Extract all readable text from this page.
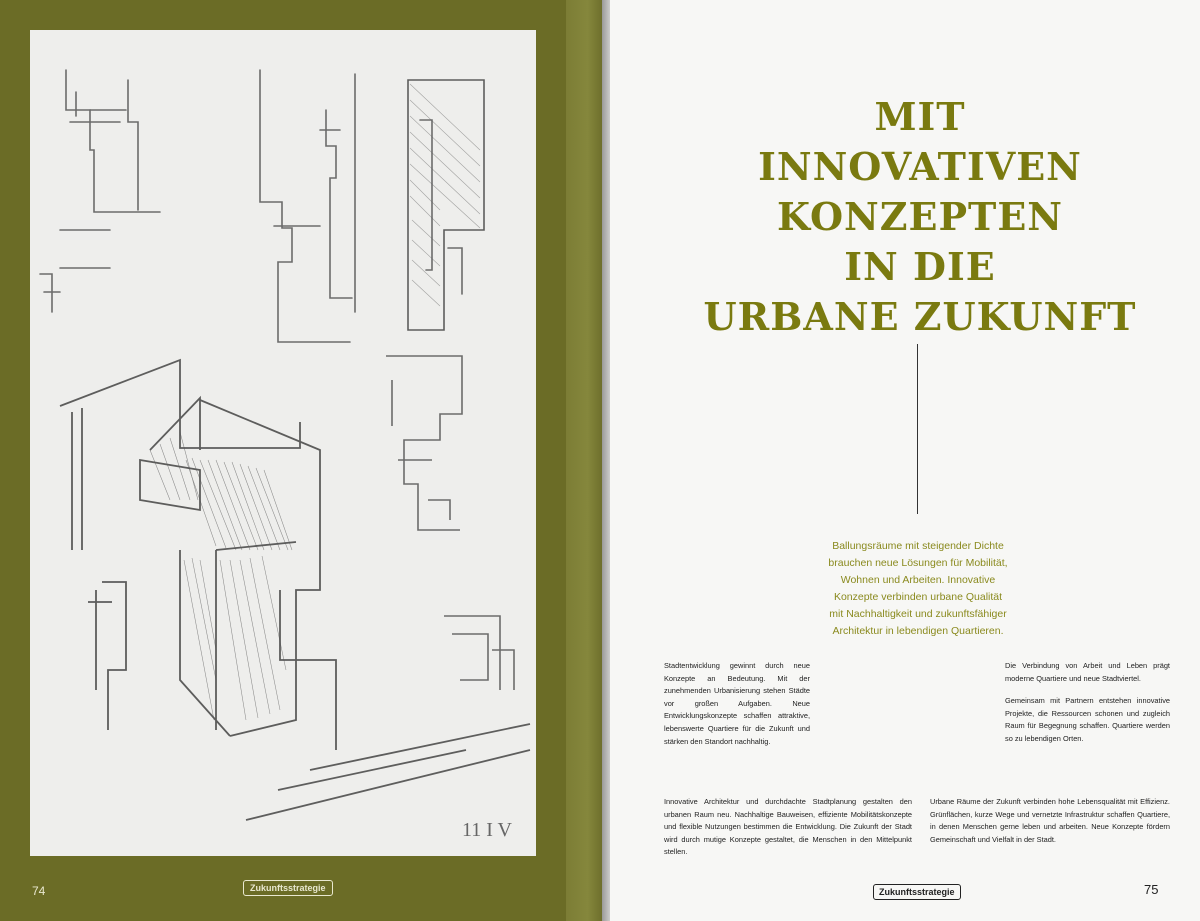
11 I V
74	Zukunftsstrategie
MIT
INNOVATIVEN
KONZEPTEN
IN DIE
URBANE ZUKUNFT
Ballungsräume mit steigender Dichte brauchen neue Lösungen für Mobilität, Wohnen und Arbeiten. Innovative Konzepte verbinden urbane Qualität mit Nachhaltigkeit und zukunftsfähiger Architektur in lebendigen Quartieren.

Stadtentwicklung gewinnt durch neue Konzepte an Bedeutung. Mit der zunehmenden Urbanisierung stehen Städte vor großen Aufgaben. Neue Entwicklungskonzepte schaffen attraktive, lebenswerte Quartiere für die Zukunft und stärken den Standort nachhaltig.

Die Verbindung von Arbeit und Leben prägt moderne Quartiere und neue Stadtviertel.

Gemeinsam mit Partnern entstehen innovative Projekte, die Ressourcen schonen und zugleich Raum für Begegnung schaffen. Quartiere werden so zu lebendigen Orten.

Innovative Architektur und durchdachte Stadtplanung gestalten den urbanen Raum neu. Nachhaltige Bauweisen, effiziente Mobilitätskonzepte und flexible Nutzungen bestimmen die Entwicklung. Die Zukunft der Stadt wird durch mutige Konzepte gestaltet, die Menschen in den Mittelpunkt stellen.

Urbane Räume der Zukunft verbinden hohe Lebensqualität mit Effizienz. Grünflächen, kurze Wege und vernetzte Infrastruktur schaffen Quartiere, in denen Menschen gerne leben und arbeiten. Neue Konzepte fördern Gemeinschaft und Vielfalt in der Stadt.

Zukunftsstrategie	75
